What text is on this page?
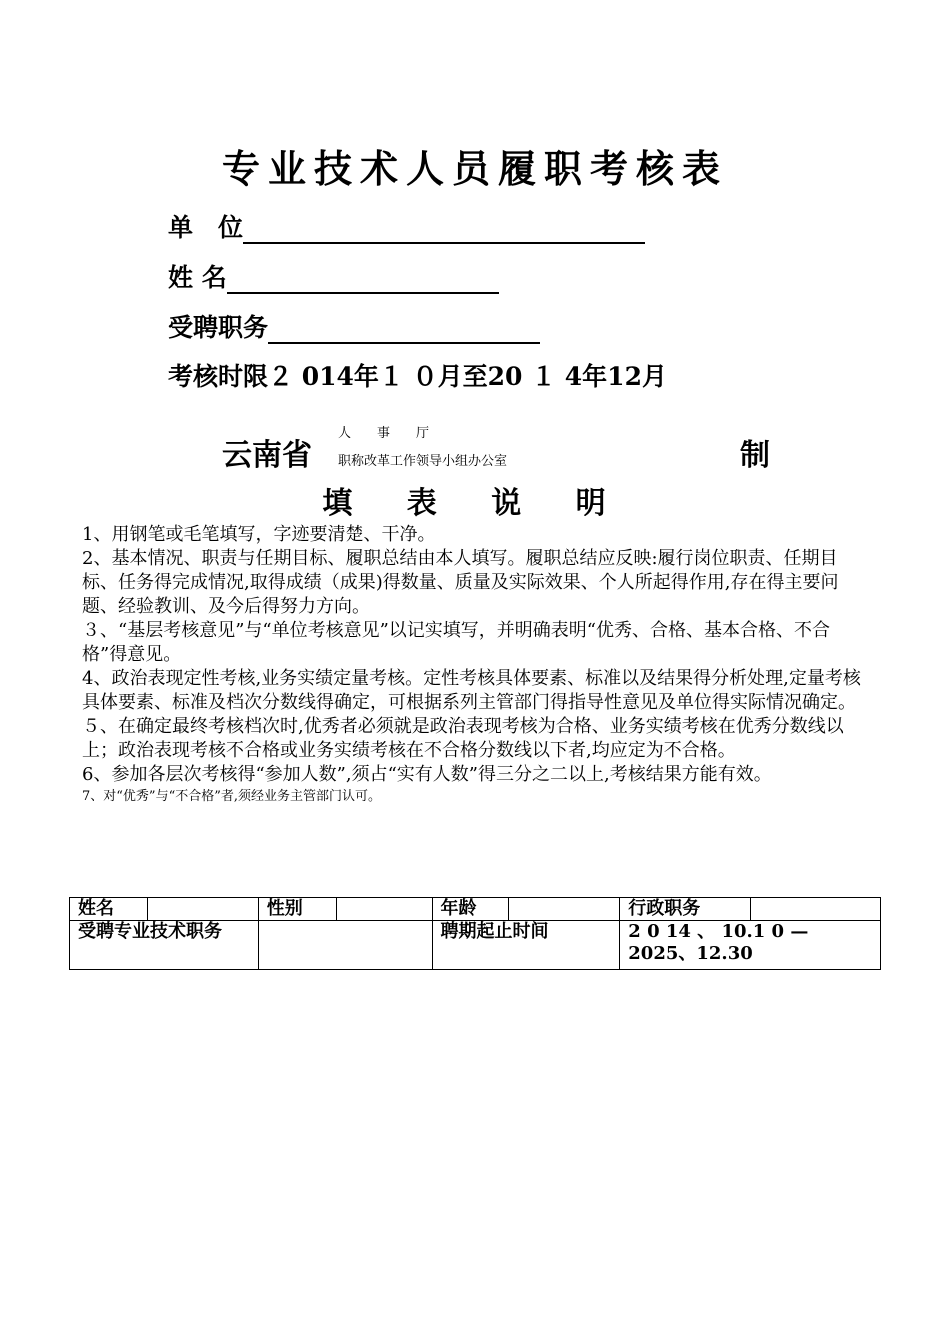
专业技术人员履职考核表
单　位
姓 名
受聘职务
考核时限２ 014年１ ０月至20 １ 4年12月
云南省
人事厅
职称改革工作领导小组办公室	制
填 表 说 明

1、用钢笔或毛笔填写，字迹要清楚、干净。

2、基本情况、职责与任期目标、履职总结由本人填写。履职总结应反映:履行岗位职责、任期目标、任务得完成情况,取得成绩（成果)得数量、质量及实际效果、个人所起得作用,存在得主要问题、经验教训、及今后得努力方向。

３、“基层考核意见”与“单位考核意见”以记实填写，并明确表明“优秀、合格、基本合格、不合格”得意见。

4、政治表现定性考核,业务实绩定量考核。定性考核具体要素、标准以及结果得分析处理,定量考核具体要素、标准及档次分数线得确定，可根据系列主管部门得指导性意见及单位得实际情况确定。

５、在确定最终考核档次时,优秀者必须就是政治表现考核为合格、业务实绩考核在优秀分数线以上；政治表现考核不合格或业务实绩考核在不合格分数线以下者,均应定为不合格。

6、参加各层次考核得“参加人数”,须占“实有人数”得三分之二以上,考核结果方能有效。

7、对“优秀”与“不合格”者,须经业务主管部门认可。

姓名		性别		年龄		行政职务	
受聘专业技术职务				聘期起止时间		2 0 14 、 10.1 0 —2025、12.30	
